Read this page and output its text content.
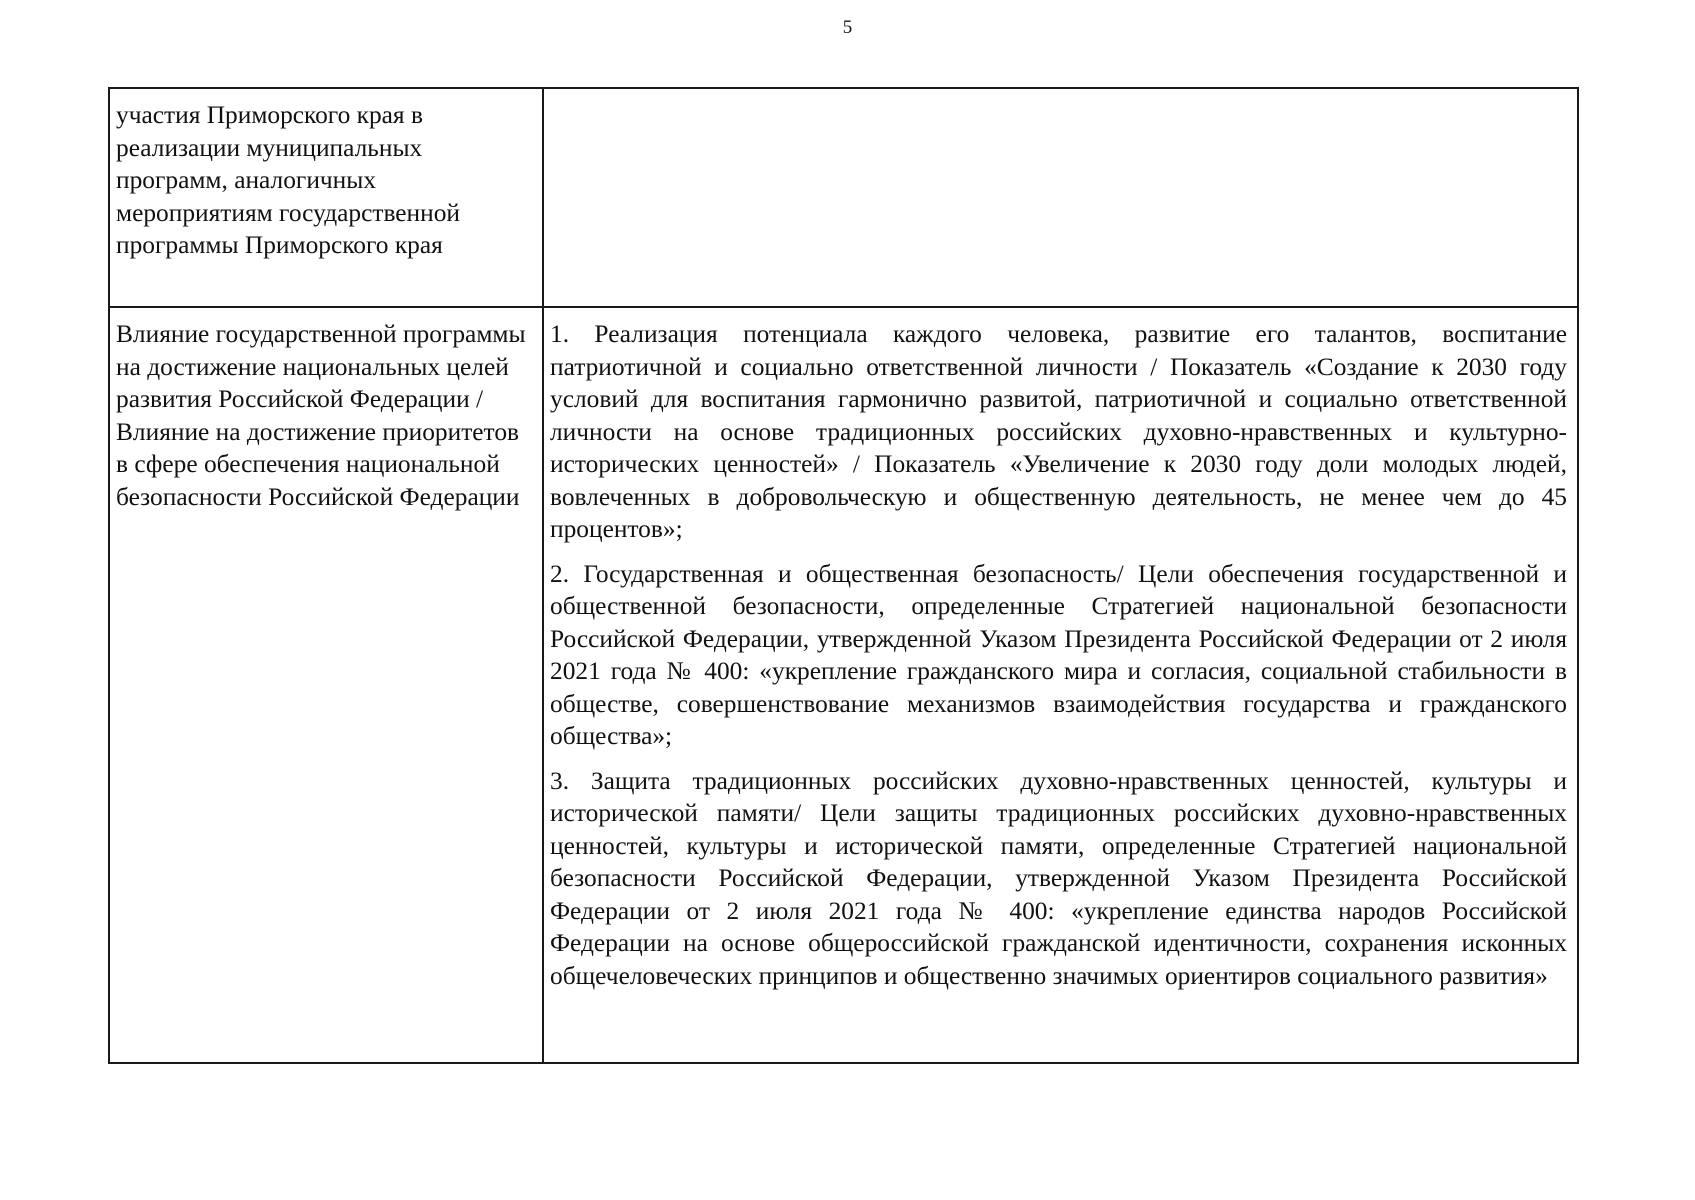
5
участия Приморского края в реализации муниципальных программ, аналогичных мероприятиям государственной программы Приморского края	

Влияние государственной программы на достижение национальных целей развития Российской Федерации / Влияние на достижение приоритетов в сфере обеспечения национальной безопасности Российской Федерации	1. Реализация потенциала каждого человека, развитие его талантов, воспитание патриотичной и социально ответственной личности / Показатель «Создание к 2030 году условий для воспитания гармонично развитой, патриотичной и социально ответственной личности на основе традиционных российских духовно-нравственных и культурно-исторических ценностей» / Показатель «Увеличение к 2030 году доли молодых людей, вовлеченных в добровольческую и общественную деятельность, не менее чем до 45 процентов»;

2. Государственная и общественная безопасность/ Цели обеспечения государственной и общественной безопасности, определенные Стратегией национальной безопасности Российской Федерации, утвержденной Указом Президента Российской Федерации от 2 июля 2021 года № 400: «укрепление гражданского мира и согласия, социальной стабильности в обществе, совершенствование механизмов взаимодействия государства и гражданского общества»;

3. Защита традиционных российских духовно-нравственных ценностей, культуры и исторической памяти/ Цели защиты традиционных российских духовно-нравственных ценностей, культуры и исторической памяти, определенные Стратегией национальной безопасности Российской Федерации, утвержденной Указом Президента Российской Федерации от 2 июля 2021 года № 400: «укрепление единства народов Российской Федерации на основе общероссийской гражданской идентичности, сохранения исконных общечеловеческих принципов и общественно значимых ориентиров социального развития»
